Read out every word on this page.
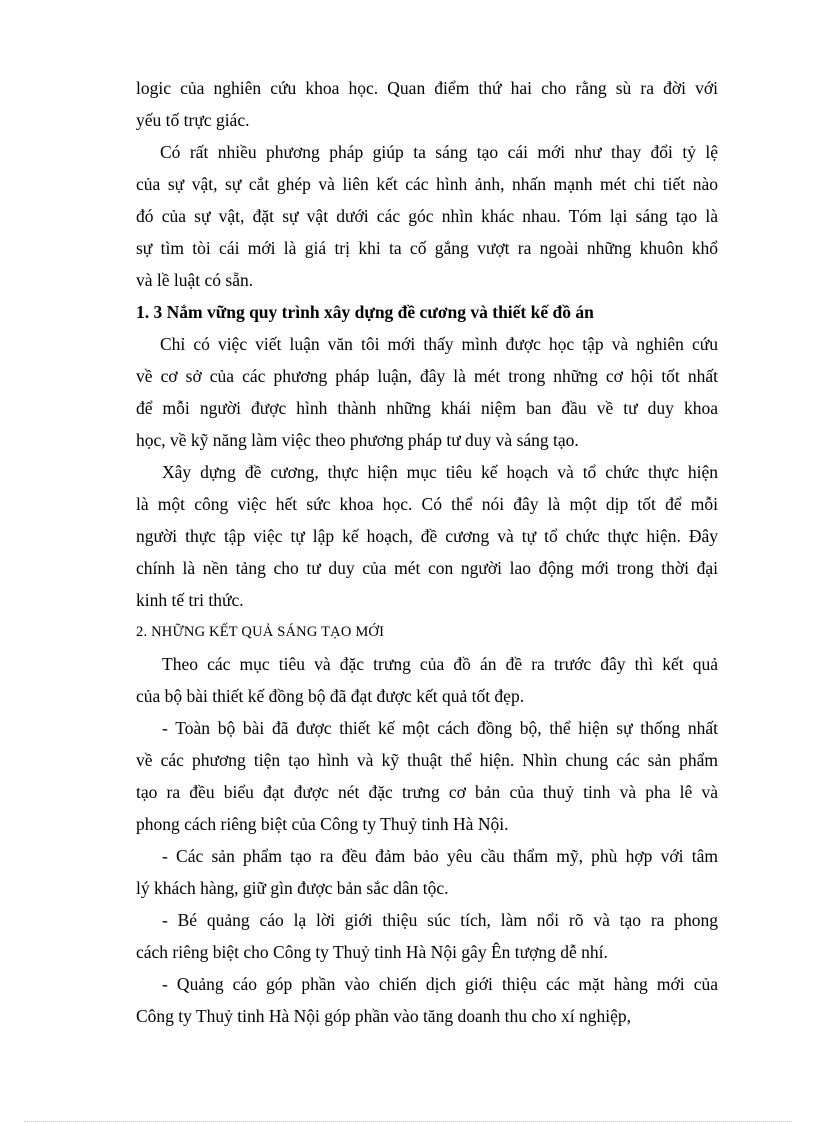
logic của nghiên cứu khoa học. Quan điểm thứ hai cho rằng sù ra đời với
yếu tố trực giác.
Có rất nhiều phương pháp giúp ta sáng tạo cái mới như thay đổi tỷ lệ
của sự vật, sự cắt ghép và liên kết các hình ảnh, nhấn mạnh mét chi tiết nào
đó của sự vật, đặt sự vật dưới các góc nhìn khác nhau. Tóm lại sáng tạo là
sự tìm tòi cái mới là giá trị khi ta cố gắng vượt ra ngoài những khuôn khổ
và lề luật có sẵn.
1. 3 Nắm vững quy trình xây dựng đề cương và thiết kế đồ án
Chỉ có việc viết luận văn tôi mới thấy mình được học tập và nghiên cứu
về cơ sở của các phương pháp luận, đây là mét trong những cơ hội tốt nhất
để mỗi người được hình thành những khái niệm ban đầu về tư duy khoa
học, về kỹ năng làm việc theo phương pháp tư duy và sáng tạo.
Xây dựng đề cương, thực hiện mục tiêu kế hoạch và tổ chức thực hiện
là một công việc hết sức khoa học. Có thể nói đây là một dịp tốt để mỗi
người thực tập việc tự lập kế hoạch, đề cương và tự tổ chức thực hiện. Đây
chính là nền tảng cho tư duy của mét con người lao động mới trong thời đại
kinh tế tri thức.
2. NHỮNG KẾT QUẢ SÁNG TẠO MỚI
Theo các mục tiêu và đặc trưng của đồ án đề ra trước đây thì kết quả
của bộ bài thiết kế đồng bộ đã đạt được kết quả tốt đẹp.
- Toàn bộ bài đã được thiết kế một cách đồng bộ, thể hiện sự thống nhất
về các phương tiện tạo hình và kỹ thuật thể hiện. Nhìn chung các sản phẩm
tạo ra đều biểu đạt được nét đặc trưng cơ bản của thuỷ tinh và pha lê và
phong cách riêng biệt của Công ty Thuỷ tinh Hà Nội.
- Các sản phẩm tạo ra đều đảm bảo yêu cầu thẩm mỹ, phù hợp với tâm
lý khách hàng, giữ gìn được bản sắc dân tộc.
- Bé quảng cáo lạ lời giới thiệu súc tích, làm nổi rõ và tạo ra phong
cách riêng biệt cho Công ty Thuỷ tinh Hà Nội gây Ên tượng dễ nhí.
- Quảng cáo góp phần vào chiến dịch giới thiệu các mặt hàng mới của
Công ty Thuỷ tinh Hà Nội góp phần vào tăng doanh thu cho xí nghiệp,
